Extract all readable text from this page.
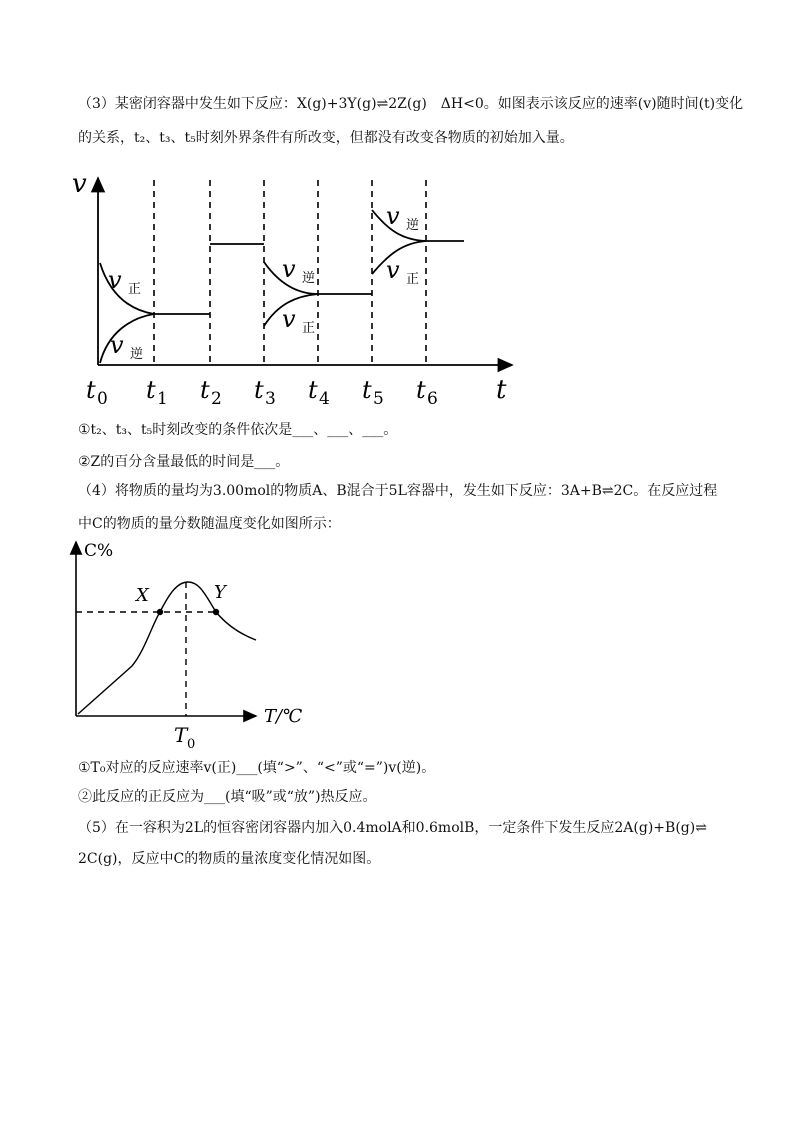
（3）某密闭容器中发生如下反应：X(g)+3Y(g)⇌2Z(g)　ΔH<0。如图表示该反应的速率(v)随时间(t)变化
的关系，t₂、t₃、t₅时刻外界条件有所改变，但都没有改变各物质的初始加入量。
v
t
v 正
v 逆
v 逆
v 正
v 逆
v 正
t 0 t 1 t 2 t 3 t 4 t 5 t 6
①t₂、t₃、t₅时刻改变的条件依次是___、___、___。
②Z的百分含量最低的时间是___。
（4）将物质的量均为3.00mol的物质A、B混合于5L容器中，发生如下反应：3A+B⇌2C。在反应过程
中C的物质的量分数随温度变化如图所示：
C%
T/℃
X	Y
T 0
①T₀对应的反应速率v(正)___(填“>”、“<”或“=”)v(逆)。
②此反应的正反应为___(填“吸”或“放”)热反应。
（5）在一容积为2L的恒容密闭容器内加入0.4molA和0.6molB，一定条件下发生反应2A(g)+B(g)⇌
2C(g)，反应中C的物质的量浓度变化情况如图。
